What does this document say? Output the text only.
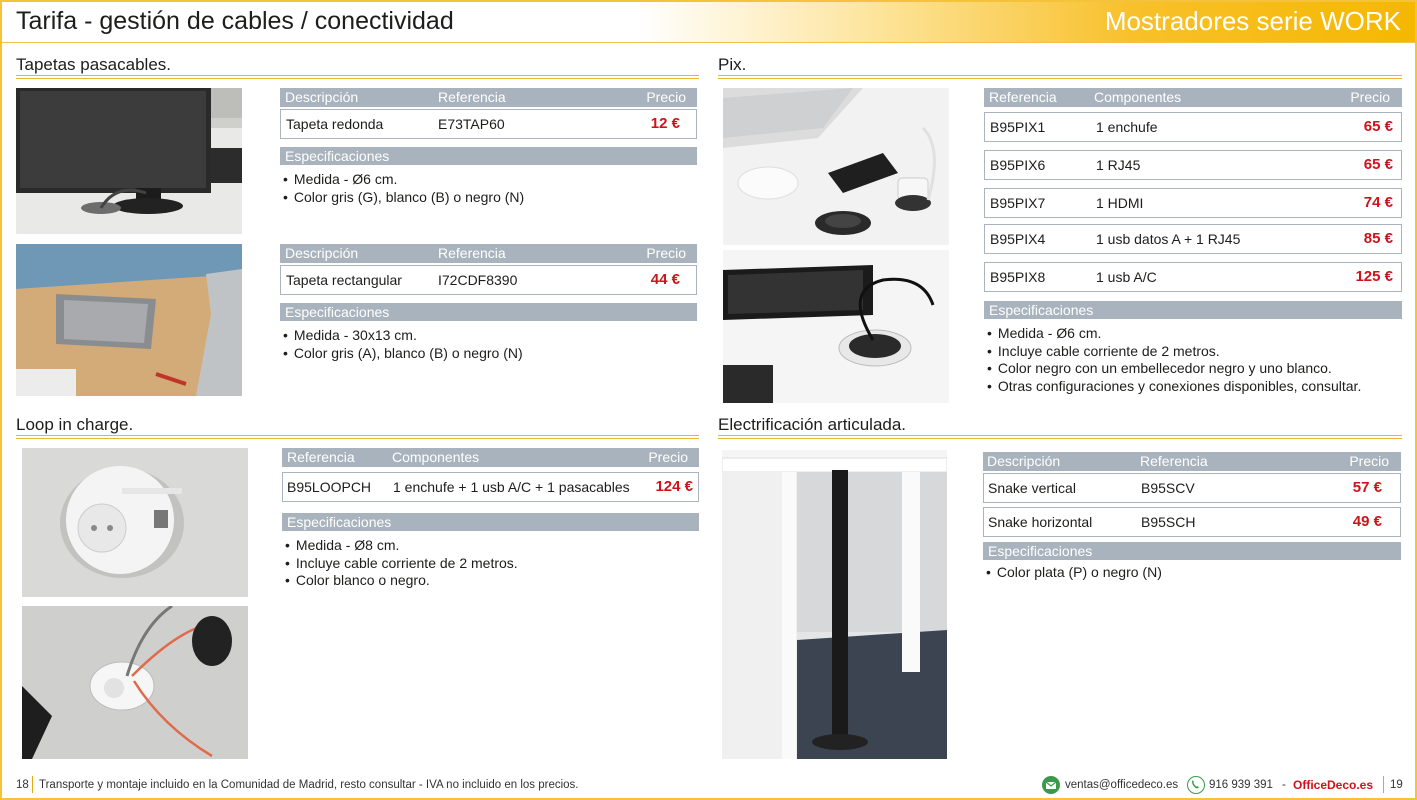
Tarifa - gestión de cables / conectividad	Mostradores serie WORK
Tapetas pasacables.
Descripción	Referencia	Precio
Tapeta redonda	E73TAP60	12 €
Especificaciones
• Medida - Ø6 cm.
• Color gris (G), blanco (B) o negro (N)
Descripción	Referencia	Precio
Tapeta rectangular	I72CDF8390	44 €
Especificaciones
• Medida - 30x13 cm.
• Color gris (A), blanco (B) o negro (N)
Pix.
Referencia	Componentes	Precio
B95PIX1	1 enchufe	65 €
B95PIX6	1 RJ45	65 €
B95PIX7	1 HDMI	74 €
B95PIX4	1 usb datos A + 1 RJ45	85 €
B95PIX8	1 usb A/C	125 €
Especificaciones
• Medida - Ø6 cm.
• Incluye cable corriente de 2 metros.
• Color negro con un embellecedor negro y uno blanco.
• Otras configuraciones y conexiones disponibles, consultar.
Loop in charge.
Referencia	Componentes	Precio
B95LOOPCH 1 enchufe + 1 usb A/C + 1 pasacables 124 €
Especificaciones
• Medida - Ø8 cm.
• Incluye cable corriente de 2 metros.
• Color blanco o negro.
Electrificación articulada.
Descripción	Referencia	Precio
Snake vertical	B95SCV	57 €
Snake horizontal	B95SCH	49 €
Especificaciones
• Color plata (P) o negro (N)
18 Transporte y montaje incluido en la Comunidad de Madrid, resto consultar - IVA no incluido en los precios.	ventas@officedeco.es	916 939 391 - OfficeDeco.es 19
